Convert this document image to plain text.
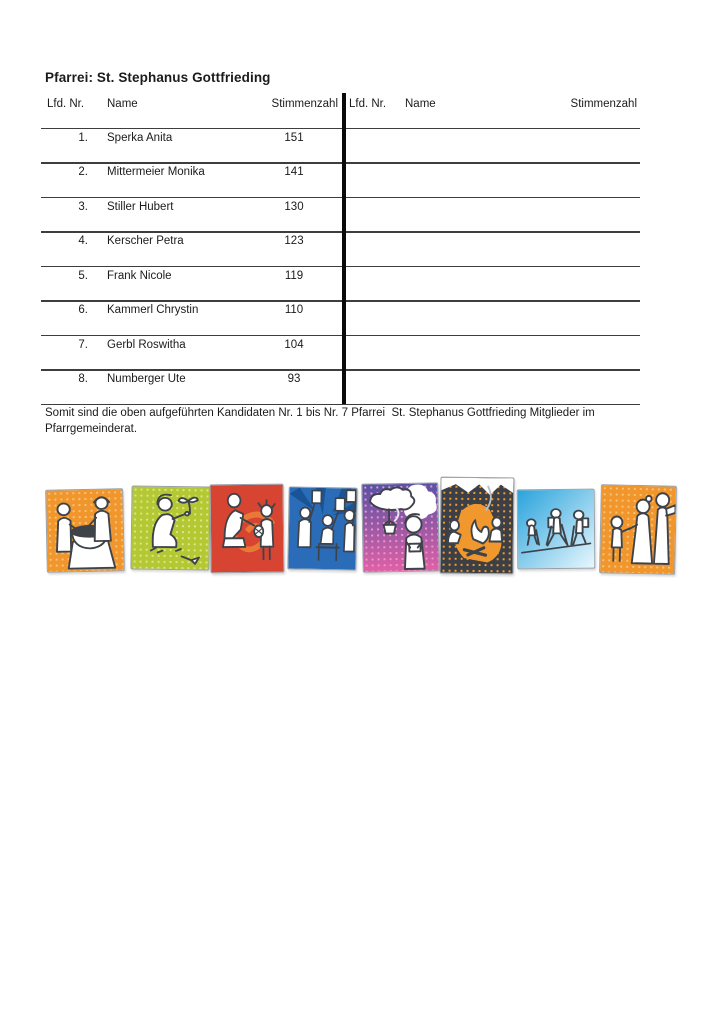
Pfarrei: St. Stephanus Gottfrieding
Lfd. Nr. Name	Stimmenzahl Lfd. Nr. Name	Stimmenzahl
1. Sperka Anita	151
2. Mittermeier Monika	141
3. Stiller Hubert	130
4. Kerscher Petra	123
5. Frank Nicole	119
6. Kammerl Chrystin	110
7. Gerbl Roswitha	104
8. Numberger Ute	93
Somit sind die oben aufgeführten Kandidaten Nr. 1 bis Nr. 7 Pfarrei  St. Stephanus Gottfrieding Mitglieder im
Pfarrgemeinderat.
